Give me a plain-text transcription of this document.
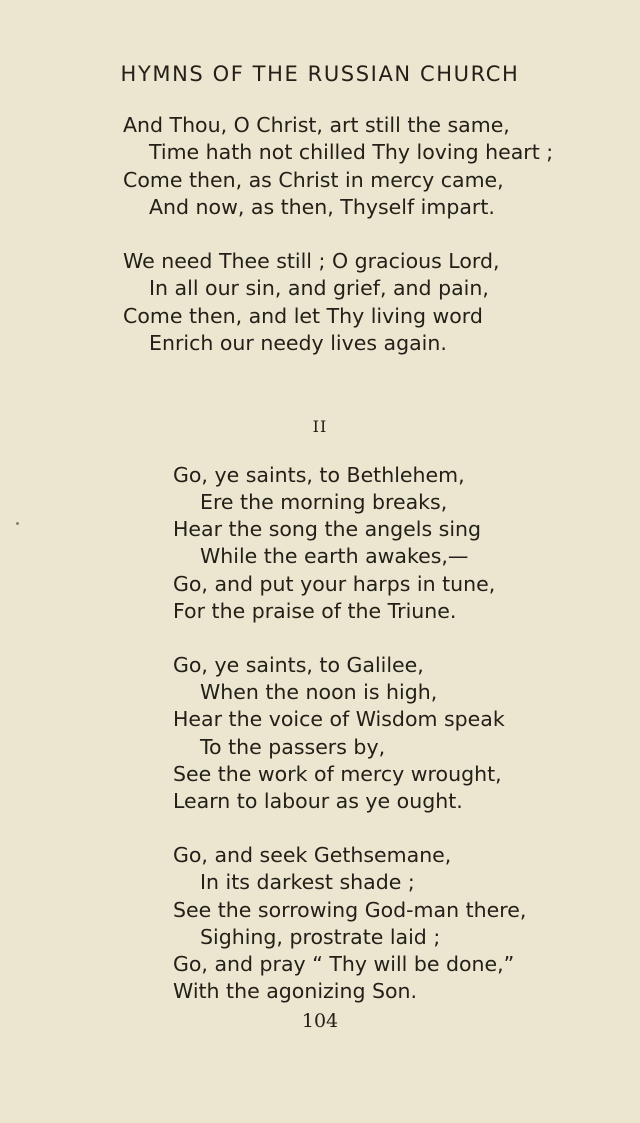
HYMNS OF THE RUSSIAN CHURCH
And Thou, O Christ, art still the same,
Time hath not chilled Thy loving heart ;
Come then, as Christ in mercy came,
And now, as then, Thyself impart.
We need Thee still ; O gracious Lord,
In all our sin, and grief, and pain,
Come then, and let Thy living word
Enrich our needy lives again.
II
Go, ye saints, to Bethlehem,
Ere the morning breaks,
Hear the song the angels sing
While the earth awakes,—
Go, and put your harps in tune,
For the praise of the Triune.
Go, ye saints, to Galilee,
When the noon is high,
Hear the voice of Wisdom speak
To the passers by,
See the work of mercy wrought,
Learn to labour as ye ought.
Go, and seek Gethsemane,
In its darkest shade ;
See the sorrowing God-man there,
Sighing, prostrate laid ;
Go, and pray “ Thy will be done,”
With the agonizing Son.
104
